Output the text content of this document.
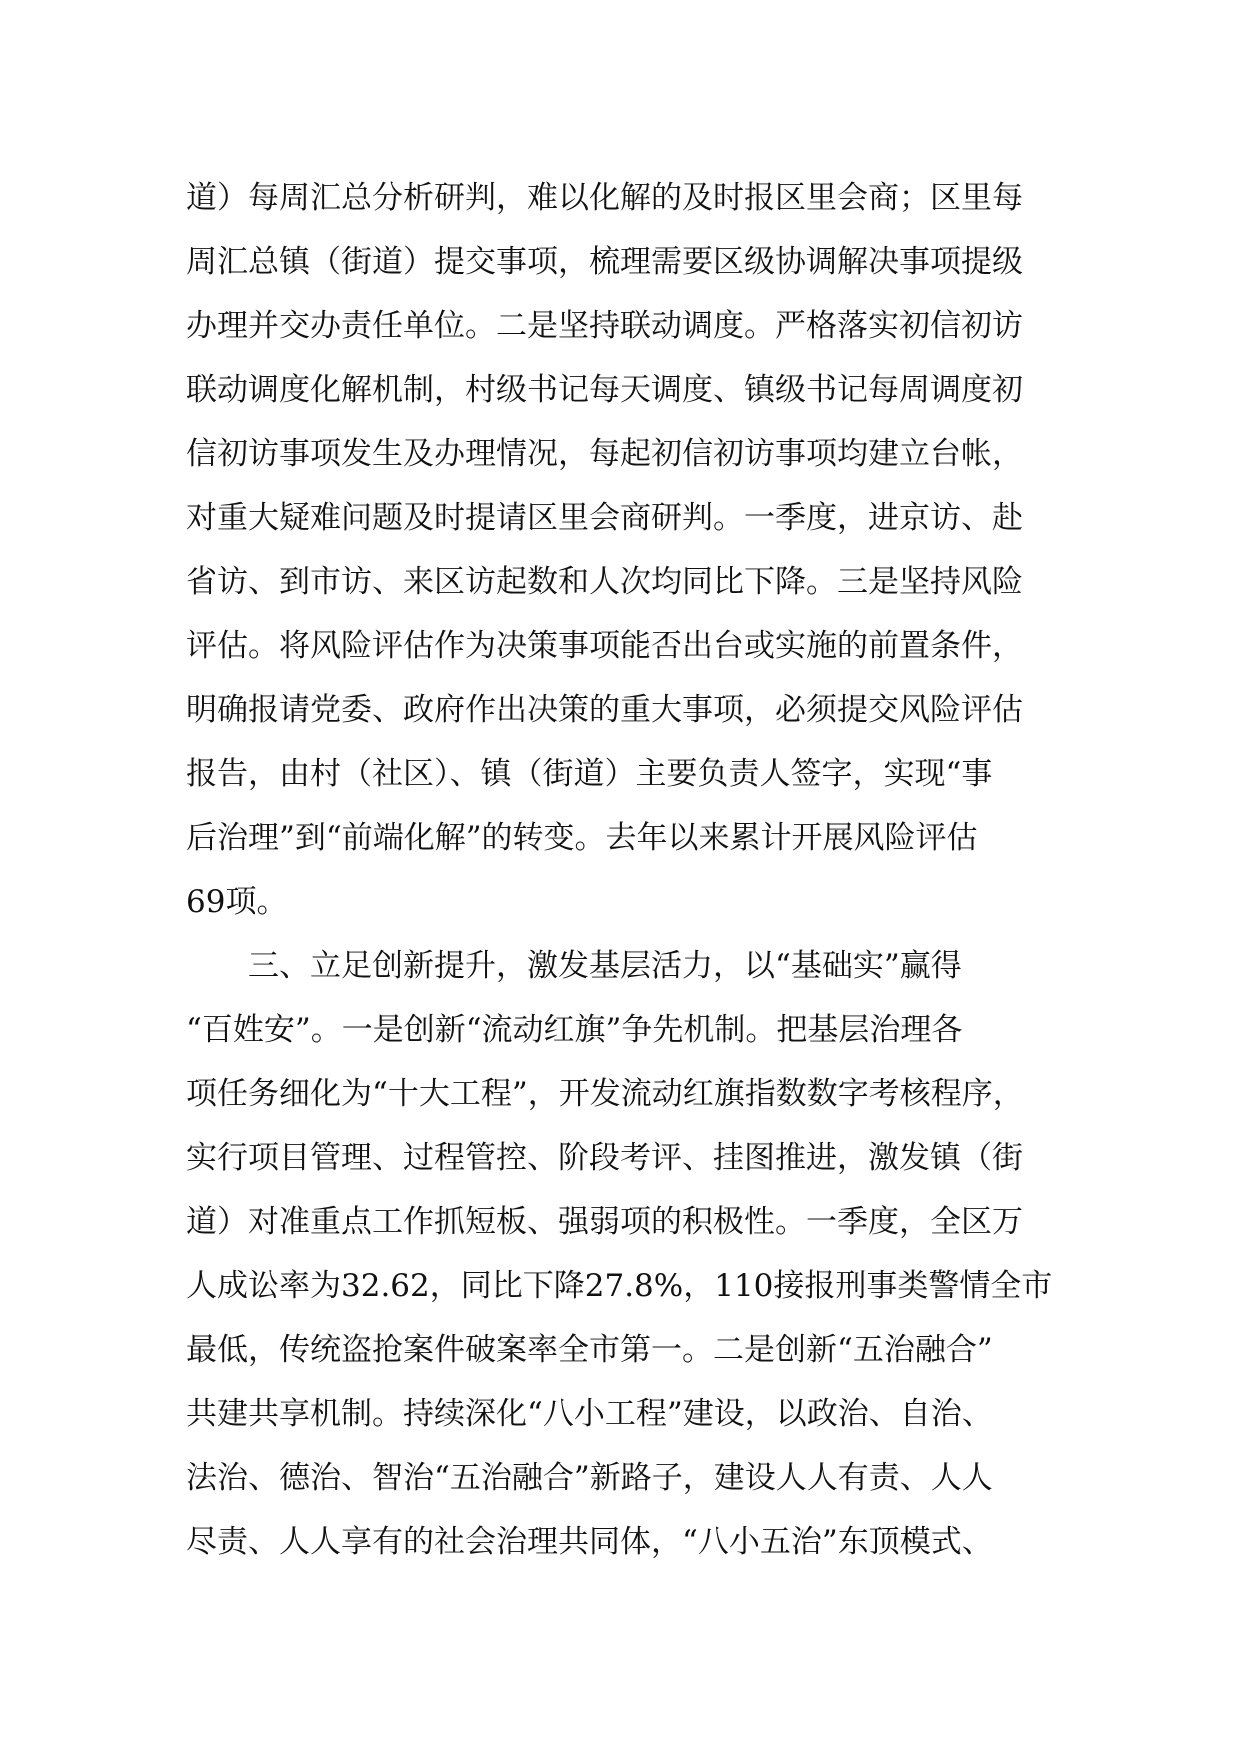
道）每周汇总分析研判，难以化解的及时报区里会商；区里每
周汇总镇（街道）提交事项，梳理需要区级协调解决事项提级
办理并交办责任单位。二是坚持联动调度。严格落实初信初访
联动调度化解机制，村级书记每天调度、镇级书记每周调度初
信初访事项发生及办理情况，每起初信初访事项均建立台帐，
对重大疑难问题及时提请区里会商研判。一季度，进京访、赴
省访、到市访、来区访起数和人次均同比下降。三是坚持风险
评估。将风险评估作为决策事项能否出台或实施的前置条件，
明确报请党委、政府作出决策的重大事项，必须提交风险评估
报告，由村（社区）、镇（街道）主要负责人签字，实现“事
后治理”到“前端化解”的转变。去年以来累计开展风险评估
69项。
　　三、立足创新提升，激发基层活力，以“基础实”赢得
“百姓安”。一是创新“流动红旗”争先机制。把基层治理各
项任务细化为“十大工程”，开发流动红旗指数数字考核程序，
实行项目管理、过程管控、阶段考评、挂图推进，激发镇（街
道）对准重点工作抓短板、强弱项的积极性。一季度，全区万
人成讼率为32.62，同比下降27.8%，110接报刑事类警情全市
最低，传统盗抢案件破案率全市第一。二是创新“五治融合”
共建共享机制。持续深化“八小工程”建设，以政治、自治、
法治、德治、智治“五治融合”新路子，建设人人有责、人人
尽责、人人享有的社会治理共同体，“八小五治”东顶模式、
